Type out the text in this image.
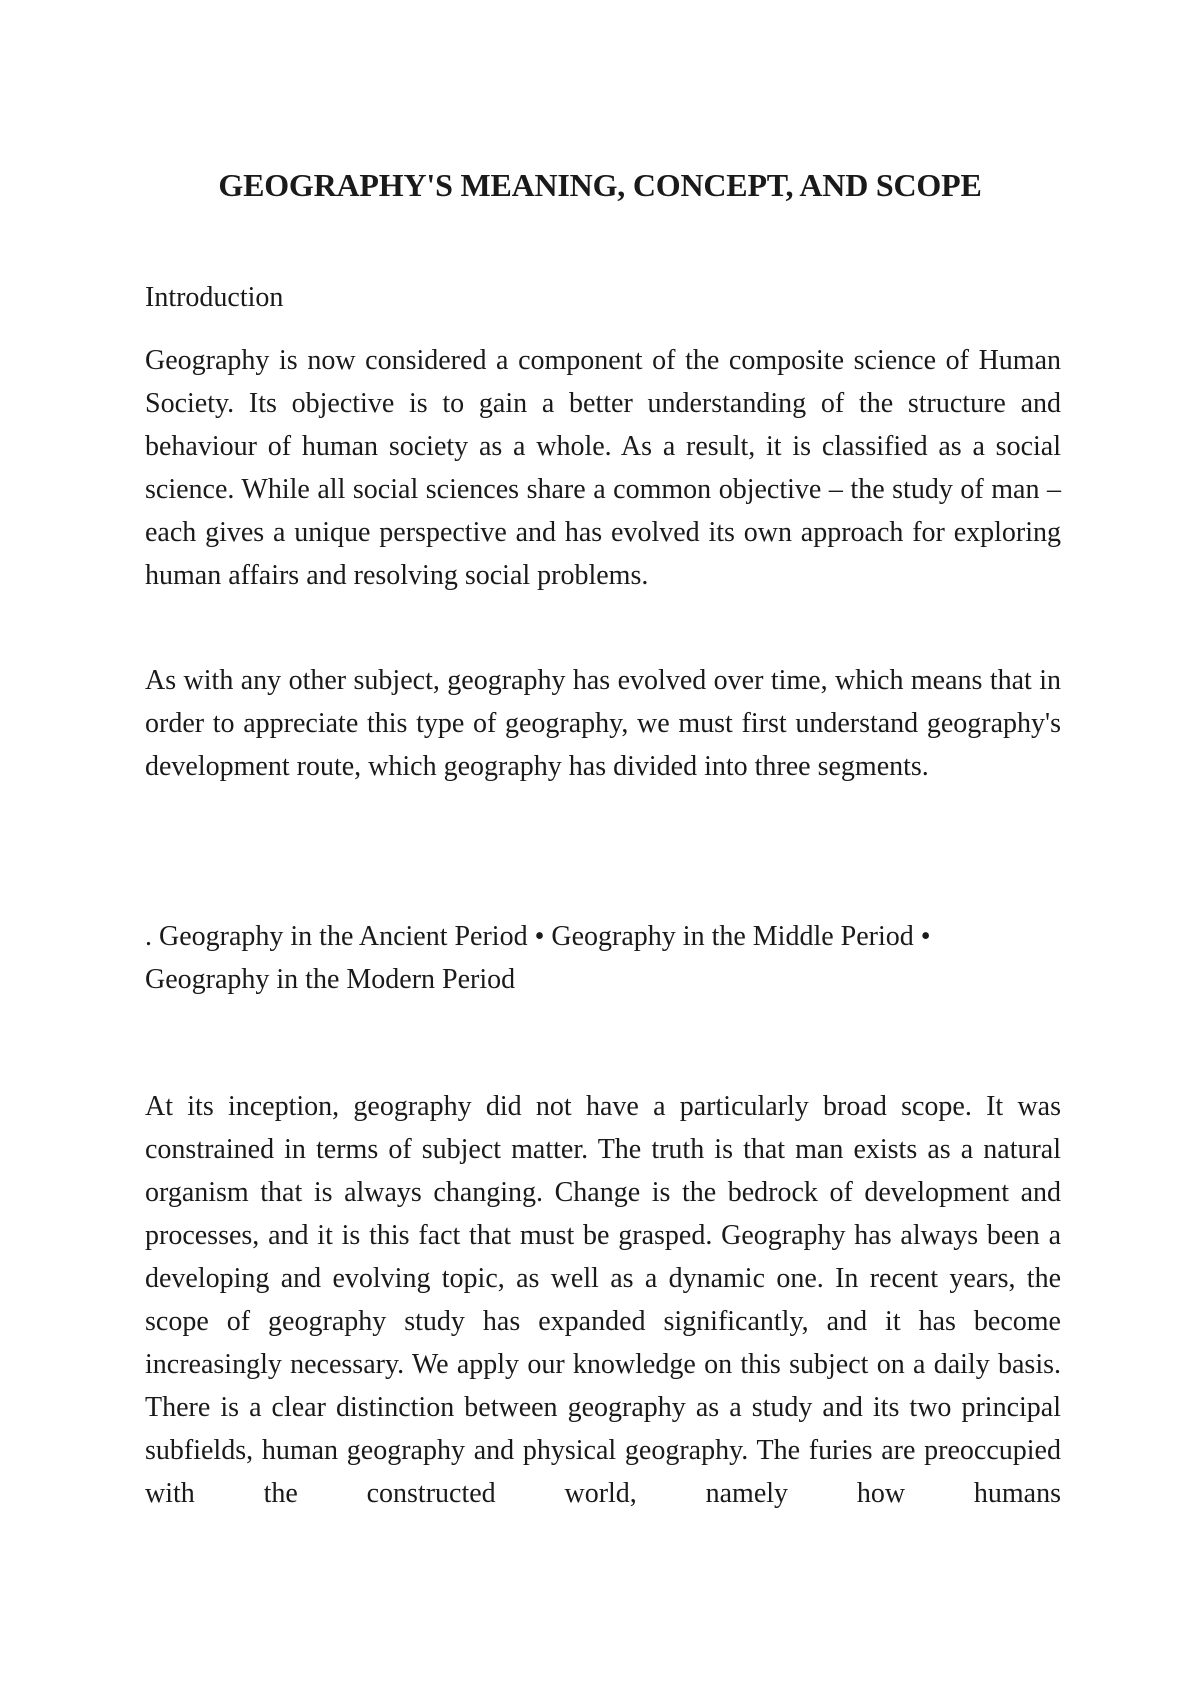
GEOGRAPHY'S MEANING, CONCEPT, AND SCOPE

Introduction

Geography is now considered a component of the composite science of Human Society. Its objective is to gain a better understanding of the structure and behaviour of human society as a whole. As a result, it is classified as a social science. While all social sciences share a common objective – the study of man – each gives a unique perspective and has evolved its own approach for exploring human affairs and resolving social problems.

As with any other subject, geography has evolved over time, which means that in order to appreciate this type of geography, we must first understand geography's development route, which geography has divided into three segments.

. Geography in the Ancient Period • Geography in the Middle Period • Geography in the Modern Period

At its inception, geography did not have a particularly broad scope. It was constrained in terms of subject matter. The truth is that man exists as a natural organism that is always changing. Change is the bedrock of development and processes, and it is this fact that must be grasped. Geography has always been a developing and evolving topic, as well as a dynamic one. In recent years, the scope of geography study has expanded significantly, and it has become increasingly necessary. We apply our knowledge on this subject on a daily basis. There is a clear distinction between geography as a study and its two principal subfields, human geography and physical geography. The furies are preoccupied with the constructed world, namely how humans
